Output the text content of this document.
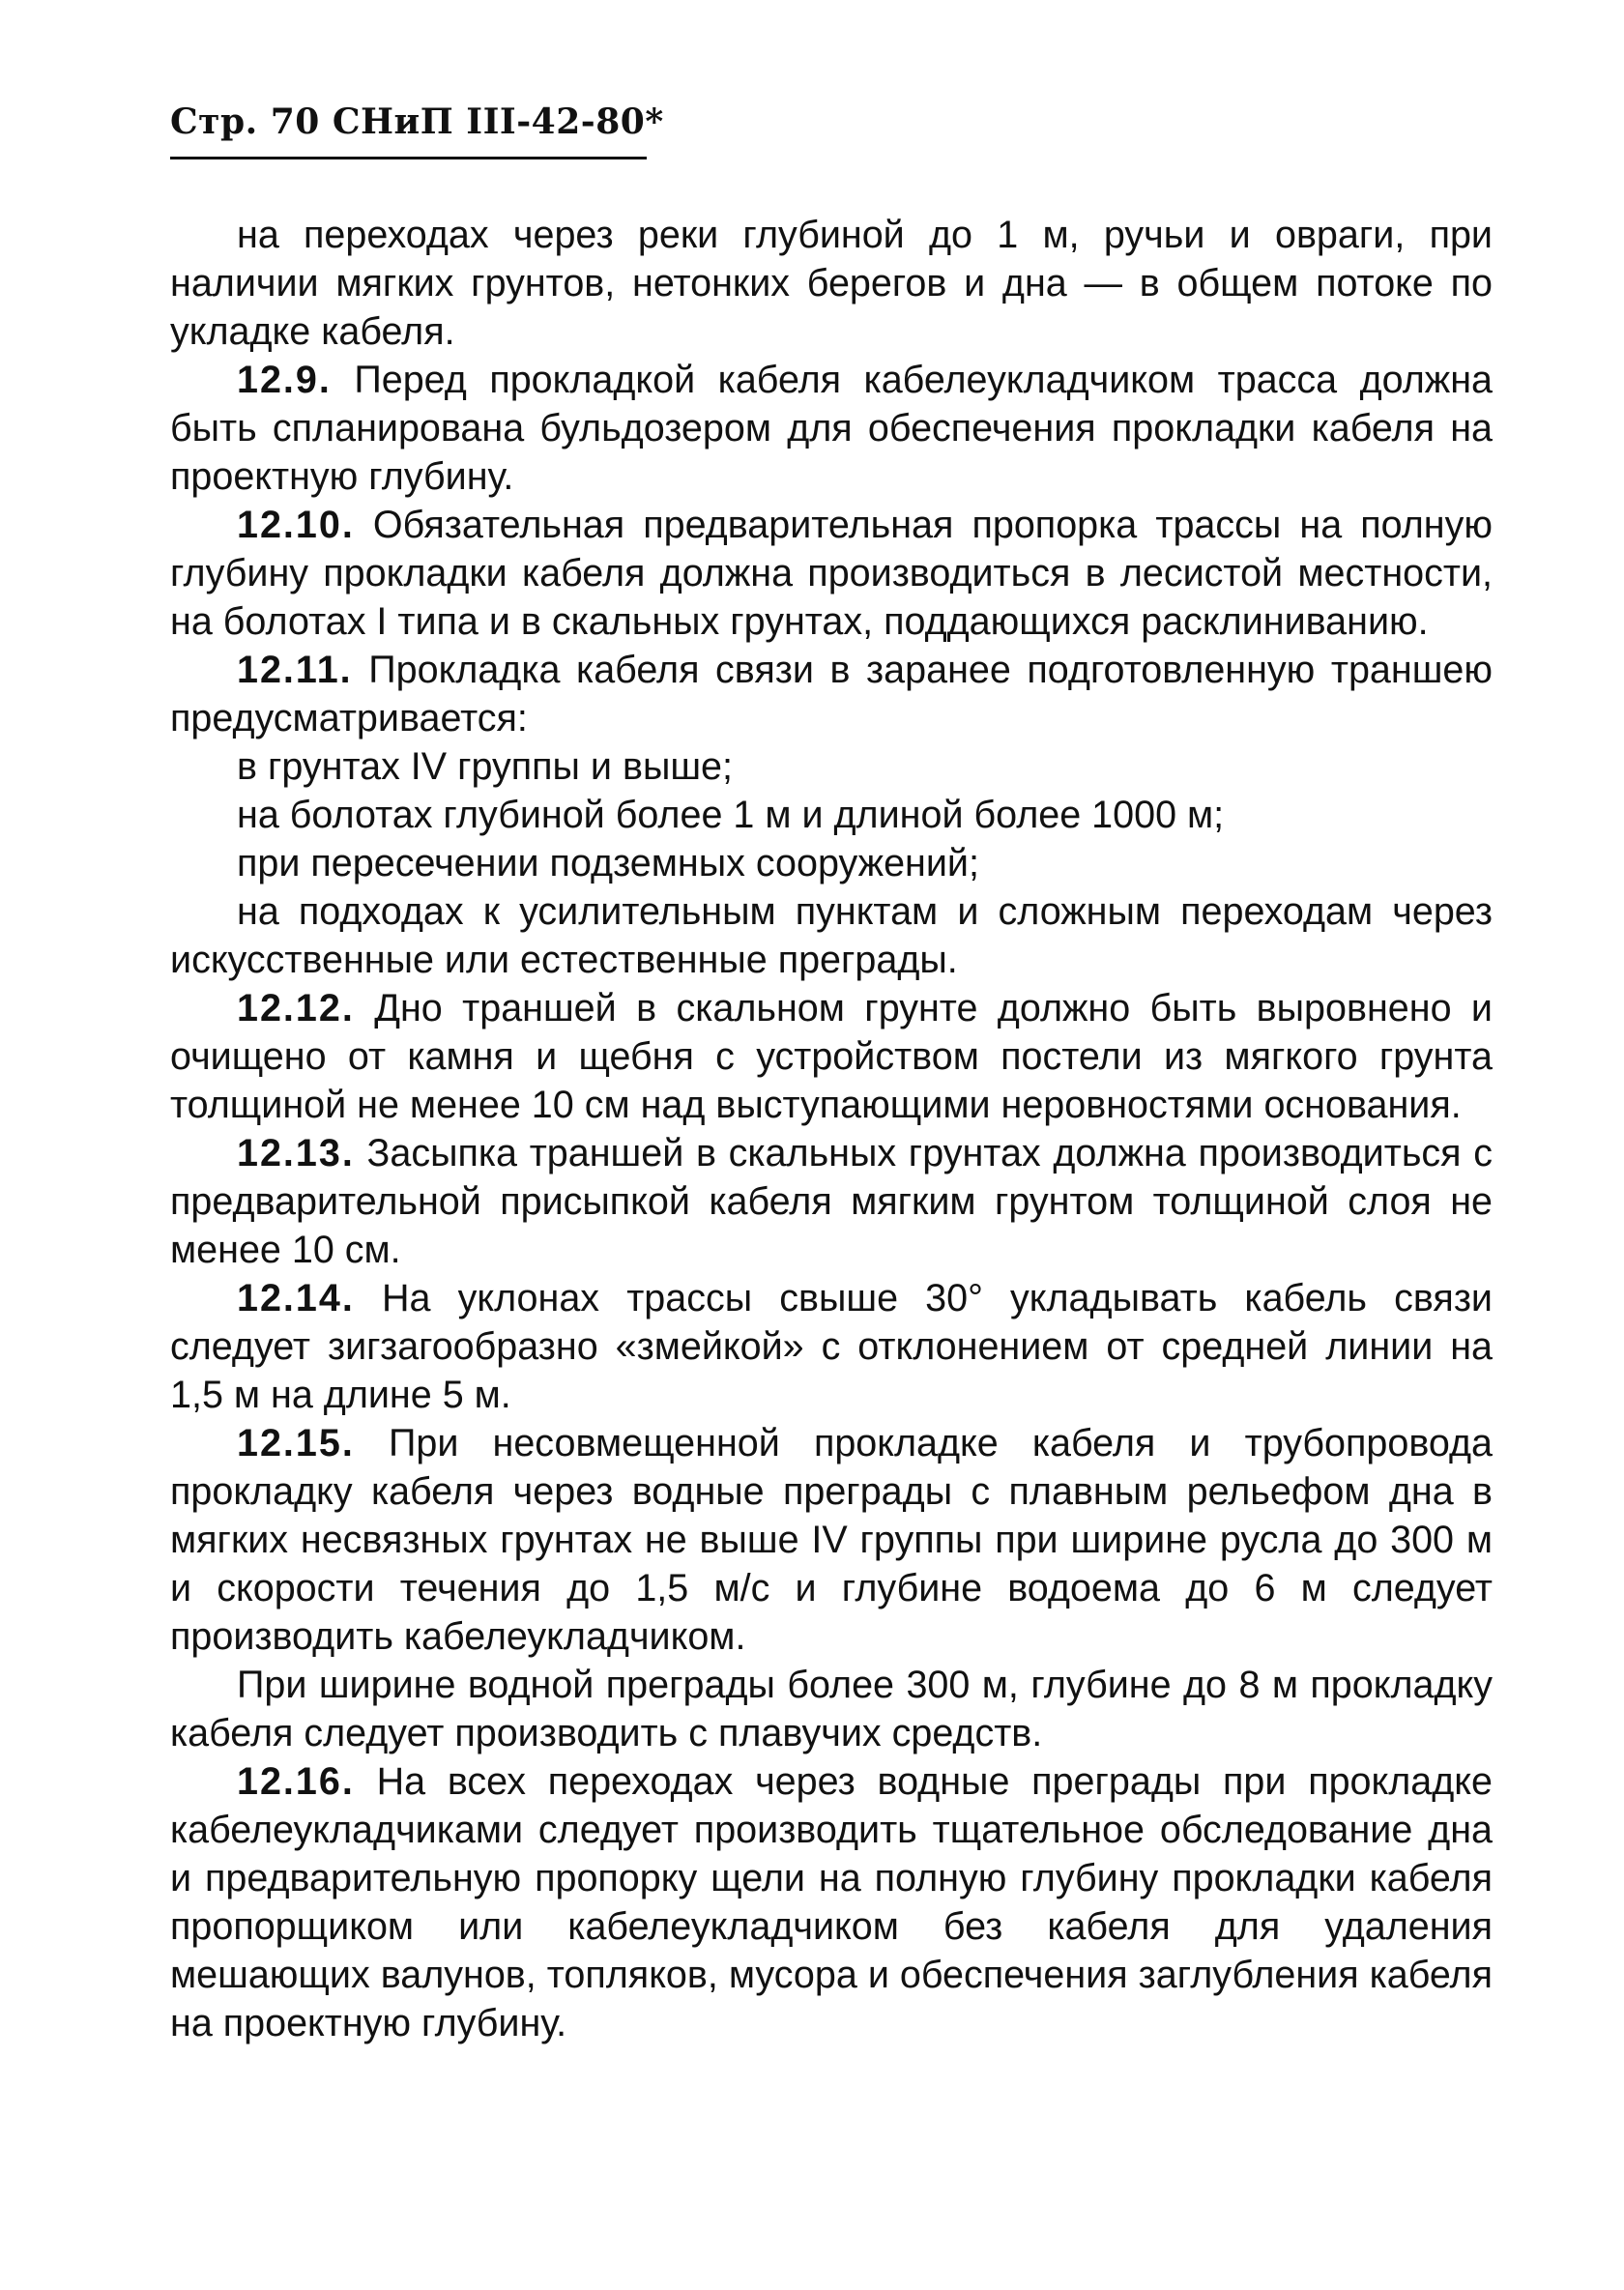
Стр. 70 СНиП III-42-80*

на переходах через реки глубиной до 1 м, ручьи и овраги, при наличии мягких грунтов, нетонких берегов и дна — в общем потоке по укладке кабеля.

12.9. Перед прокладкой кабеля кабелеукладчиком трасса должна быть спланирована бульдозером для обеспечения прокладки кабеля на проектную глубину.

12.10. Обязательная предварительная пропорка трассы на полную глубину прокладки кабеля должна производиться в лесистой местности, на болотах I типа и в скальных грунтах, поддающихся расклиниванию.

12.11. Прокладка кабеля связи в заранее подготовленную траншею предусматривается:

в грунтах IV группы и выше;

на болотах глубиной более 1 м и длиной более 1000 м;

при пересечении подземных сооружений;

на подходах к усилительным пунктам и сложным переходам через искусственные или естественные преграды.

12.12. Дно траншей в скальном грунте должно быть выровнено и очищено от камня и щебня с устройством постели из мягкого грунта толщиной не менее 10 см над выступающими неровностями основания.

12.13. Засыпка траншей в скальных грунтах должна производиться с предварительной присыпкой кабеля мягким грунтом толщиной слоя не менее 10 см.

12.14. На уклонах трассы свыше 30° укладывать кабель связи следует зигзагообразно «змейкой» с отклонением от средней линии на 1,5 м на длине 5 м.

12.15. При несовмещенной прокладке кабеля и трубопровода прокладку кабеля через водные преграды с плавным рельефом дна в мягких несвязных грунтах не выше IV группы при ширине русла до 300 м и скорости течения до 1,5 м/с и глубине водоема до 6 м следует производить кабелеукладчиком.

При ширине водной преграды более 300 м, глубине до 8 м прокладку кабеля следует производить с плавучих средств.

12.16. На всех переходах через водные преграды при прокладке кабелеукладчиками следует производить тщательное обследование дна и предварительную пропорку щели на полную глубину прокладки кабеля пропорщиком или кабелеукладчиком без кабеля для удаления мешающих валунов, топляков, мусора и обеспечения заглубления кабеля на проектную глубину.
